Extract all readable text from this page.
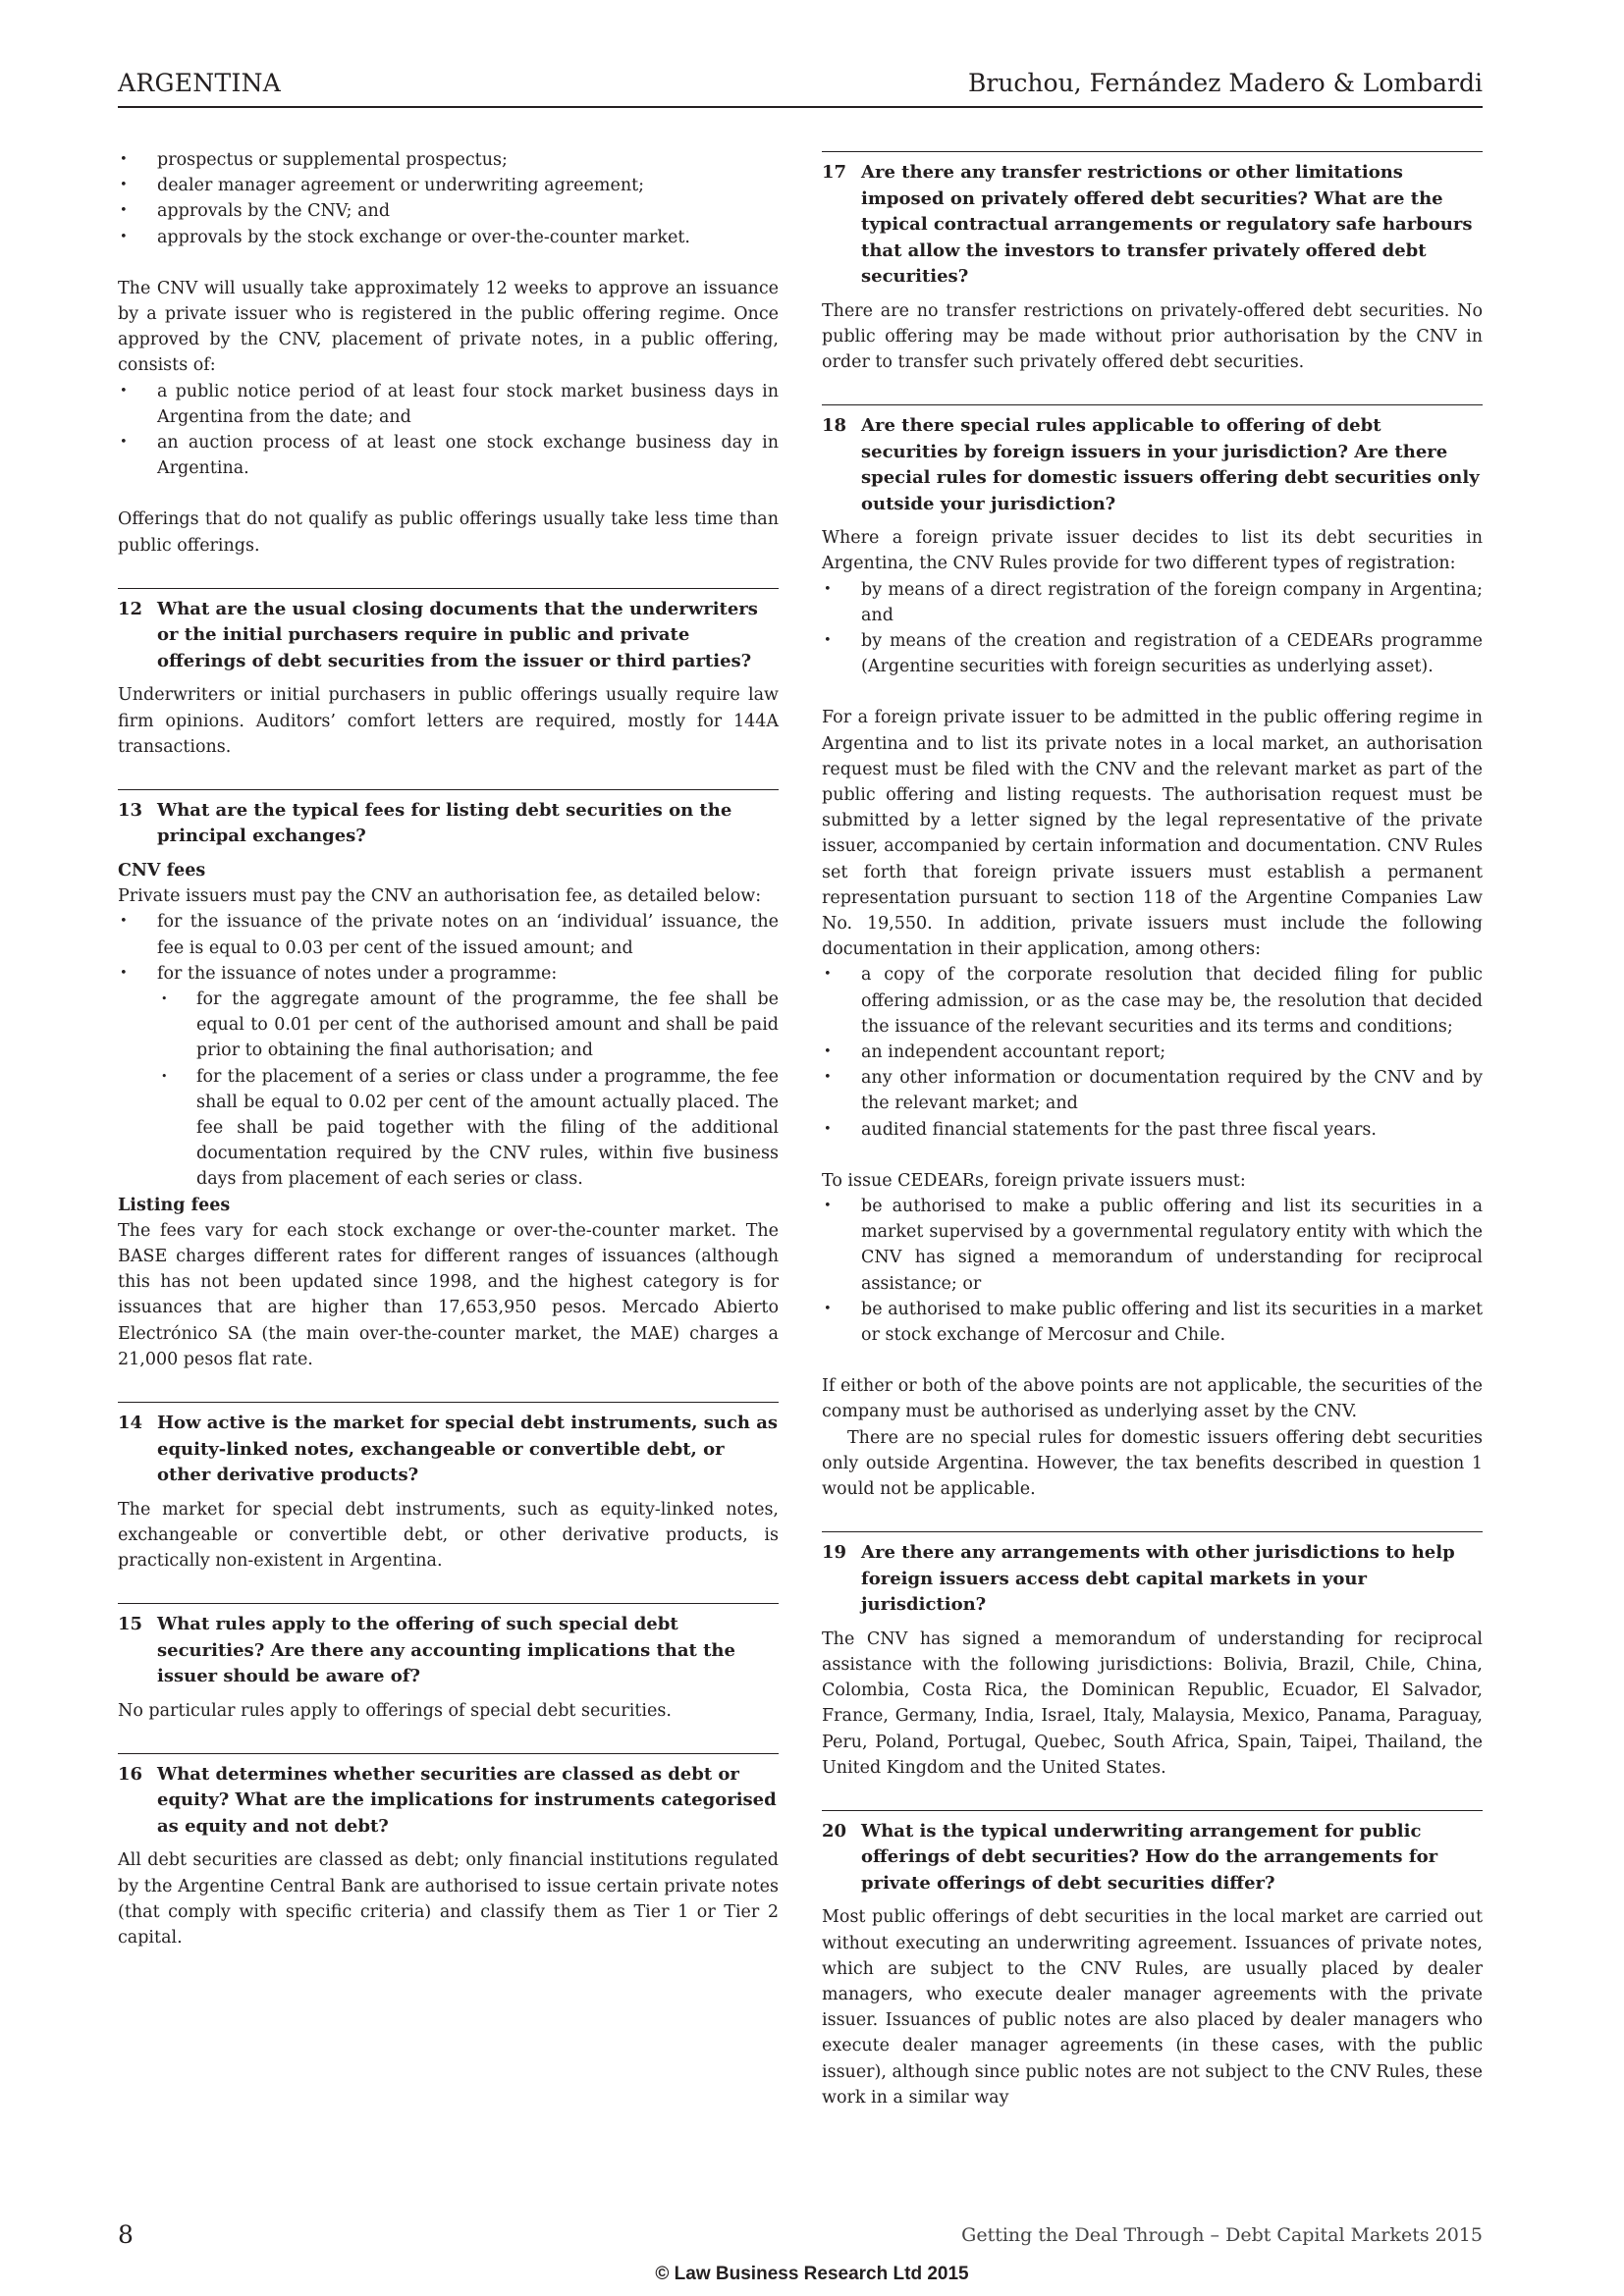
ARGENTINA	Bruchou, Fernández Madero & Lombardi
• prospectus or supplemental prospectus;
• dealer manager agreement or underwriting agreement;
• approvals by the CNV; and
• approvals by the stock exchange or over-the-counter market.

The CNV will usually take approximately 12 weeks to approve an issuance by a private issuer who is registered in the public offering regime. Once approved by the CNV, placement of private notes, in a public offering, consists of:

• a public notice period of at least four stock market business days in Argentina from the date; and
• an auction process of at least one stock exchange business day in Argentina.

Offerings that do not qualify as public offerings usually take less time than public offerings.

12 What are the usual closing documents that the underwriters or the initial purchasers require in public and private offerings of debt securities from the issuer or third parties?

Underwriters or initial purchasers in public offerings usually require law firm opinions. Auditors’ comfort letters are required, mostly for 144A transactions.

13 What are the typical fees for listing debt securities on the principal exchanges?

CNV fees

Private issuers must pay the CNV an authorisation fee, as detailed below:

• for the issuance of the private notes on an ‘individual’ issuance, the fee is equal to 0.03 per cent of the issued amount; and
• for the issuance of notes under a programme:
• for the aggregate amount of the programme, the fee shall be equal to 0.01 per cent of the authorised amount and shall be paid prior to obtaining the final authorisation; and
• for the placement of a series or class under a programme, the fee shall be equal to 0.02 per cent of the amount actually placed. The fee shall be paid together with the filing of the additional documentation required by the CNV rules, within five business days from placement of each series or class.

Listing fees

The fees vary for each stock exchange or over-the-counter market. The BASE charges different rates for different ranges of issuances (although this has not been updated since 1998, and the highest category is for issuances that are higher than 17,653,950 pesos. Mercado Abierto Electrónico SA (the main over-the-counter market, the MAE) charges a 21,000 pesos flat rate.

14 How active is the market for special debt instruments, such as equity-linked notes, exchangeable or convertible debt, or other derivative products?

The market for special debt instruments, such as equity-linked notes, exchangeable or convertible debt, or other derivative products, is practically non-existent in Argentina.

15 What rules apply to the offering of such special debt securities? Are there any accounting implications that the issuer should be aware of?

No particular rules apply to offerings of special debt securities.

16 What determines whether securities are classed as debt or equity? What are the implications for instruments categorised as equity and not debt?

All debt securities are classed as debt; only financial institutions regulated by the Argentine Central Bank are authorised to issue certain private notes (that comply with specific criteria) and classify them as Tier 1 or Tier 2 capital.

17 Are there any transfer restrictions or other limitations imposed on privately offered debt securities? What are the typical contractual arrangements or regulatory safe harbours that allow the investors to transfer privately offered debt securities?

There are no transfer restrictions on privately-offered debt securities. No public offering may be made without prior authorisation by the CNV in order to transfer such privately offered debt securities.

18 Are there special rules applicable to offering of debt securities by foreign issuers in your jurisdiction? Are there special rules for domestic issuers offering debt securities only outside your jurisdiction?

Where a foreign private issuer decides to list its debt securities in Argentina, the CNV Rules provide for two different types of registration:

• by means of a direct registration of the foreign company in Argentina; and
• by means of the creation and registration of a CEDEARs programme (Argentine securities with foreign securities as underlying asset).

For a foreign private issuer to be admitted in the public offering regime in Argentina and to list its private notes in a local market, an authorisation request must be filed with the CNV and the relevant market as part of the public offering and listing requests. The authorisation request must be submitted by a letter signed by the legal representative of the private issuer, accompanied by certain information and documentation. CNV Rules set forth that foreign private issuers must establish a permanent representation pursuant to section 118 of the Argentine Companies Law No. 19,550. In addition, private issuers must include the following documentation in their application, among others:

• a copy of the corporate resolution that decided filing for public offering admission, or as the case may be, the resolution that decided the issuance of the relevant securities and its terms and conditions;
• an independent accountant report;
• any other information or documentation required by the CNV and by the relevant market; and
• audited financial statements for the past three fiscal years.

To issue CEDEARs, foreign private issuers must:

• be authorised to make a public offering and list its securities in a market supervised by a governmental regulatory entity with which the CNV has signed a memorandum of understanding for reciprocal assistance; or
• be authorised to make public offering and list its securities in a market or stock exchange of Mercosur and Chile.

If either or both of the above points are not applicable, the securities of the company must be authorised as underlying asset by the CNV.

There are no special rules for domestic issuers offering debt securities only outside Argentina. However, the tax benefits described in question 1 would not be applicable.

19 Are there any arrangements with other jurisdictions to help foreign issuers access debt capital markets in your jurisdiction?

The CNV has signed a memorandum of understanding for reciprocal assistance with the following jurisdictions: Bolivia, Brazil, Chile, China, Colombia, Costa Rica, the Dominican Republic, Ecuador, El Salvador, France, Germany, India, Israel, Italy, Malaysia, Mexico, Panama, Paraguay, Peru, Poland, Portugal, Quebec, South Africa, Spain, Taipei, Thailand, the United Kingdom and the United States.

20 What is the typical underwriting arrangement for public offerings of debt securities? How do the arrangements for private offerings of debt securities differ?

Most public offerings of debt securities in the local market are carried out without executing an underwriting agreement. Issuances of private notes, which are subject to the CNV Rules, are usually placed by dealer managers, who execute dealer manager agreements with the private issuer. Issuances of public notes are also placed by dealer managers who execute dealer manager agreements (in these cases, with the public issuer), although since public notes are not subject to the CNV Rules, these work in a similar way

8	Getting the Deal Through – Debt Capital Markets 2015
© Law Business Research Ltd 2015
